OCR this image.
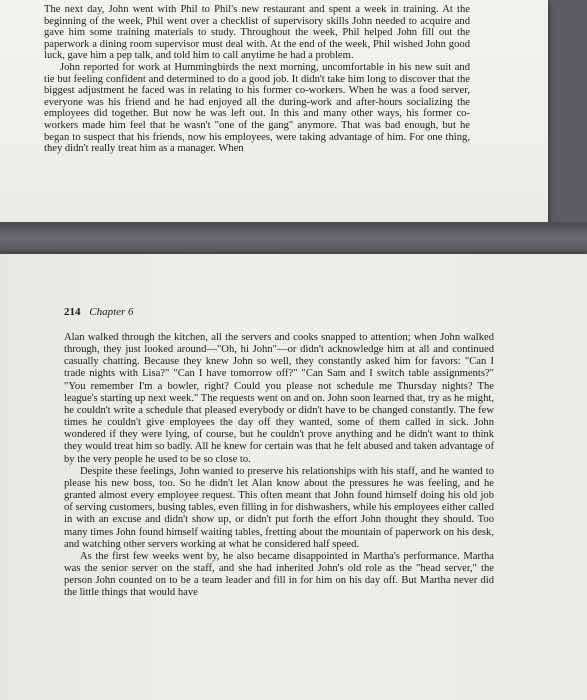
The next day, John went with Phil to Phil's new restaurant and spent a week in training. At the beginning of the week, Phil went over a checklist of supervisory skills John needed to acquire and gave him some training materials to study. Throughout the week, Phil helped John fill out the paperwork a dining room supervisor must deal with. At the end of the week, Phil wished John good luck, gave him a pep talk, and told him to call anytime he had a problem.

John reported for work at Hummingbirds the next morning, uncomfortable in his new suit and tie but feeling confident and determined to do a good job. It didn't take him long to discover that the biggest adjustment he faced was in relating to his former co-workers. When he was a food server, everyone was his friend and he had enjoyed all the during-work and after-hours socializing the employees did together. But now he was left out. In this and many other ways, his former co-workers made him feel that he wasn't "one of the gang" anymore. That was bad enough, but he began to suspect that his friends, now his employees, were taking advantage of him. For one thing, they didn't really treat him as a manager. When

214 Chapter 6

Alan walked through the kitchen, all the servers and cooks snapped to attention; when John walked through, they just looked around—"Oh, hi John"—or didn't acknowledge him at all and continued casually chatting. Because they knew John so well, they constantly asked him for favors: "Can I trade nights with Lisa?" "Can I have tomorrow off?" "Can Sam and I switch table assignments?" "You remember I'm a bowler, right? Could you please not schedule me Thursday nights? The league's starting up next week." The requests went on and on. John soon learned that, try as he might, he couldn't write a schedule that pleased everybody or didn't have to be changed constantly. The few times he couldn't give employees the day off they wanted, some of them called in sick. John wondered if they were lying, of course, but he couldn't prove anything and he didn't want to think they would treat him so badly. All he knew for certain was that he felt abused and taken advantage of by the very people he used to be so close to.

Despite these feelings, John wanted to preserve his relationships with his staff, and he wanted to please his new boss, too. So he didn't let Alan know about the pressures he was feeling, and he granted almost every employee request. This often meant that John found himself doing his old job of serving customers, busing tables, even filling in for dishwashers, while his employees either called in with an excuse and didn't show up, or didn't put forth the effort John thought they should. Too many times John found himself waiting tables, fretting about the mountain of paperwork on his desk, and watching other servers working at what he considered half speed.

As the first few weeks went by, he also became disappointed in Martha's performance. Martha was the senior server on the staff, and she had inherited John's old role as the "head server," the person John counted on to be a team leader and fill in for him on his day off. But Martha never did the little things that would have
